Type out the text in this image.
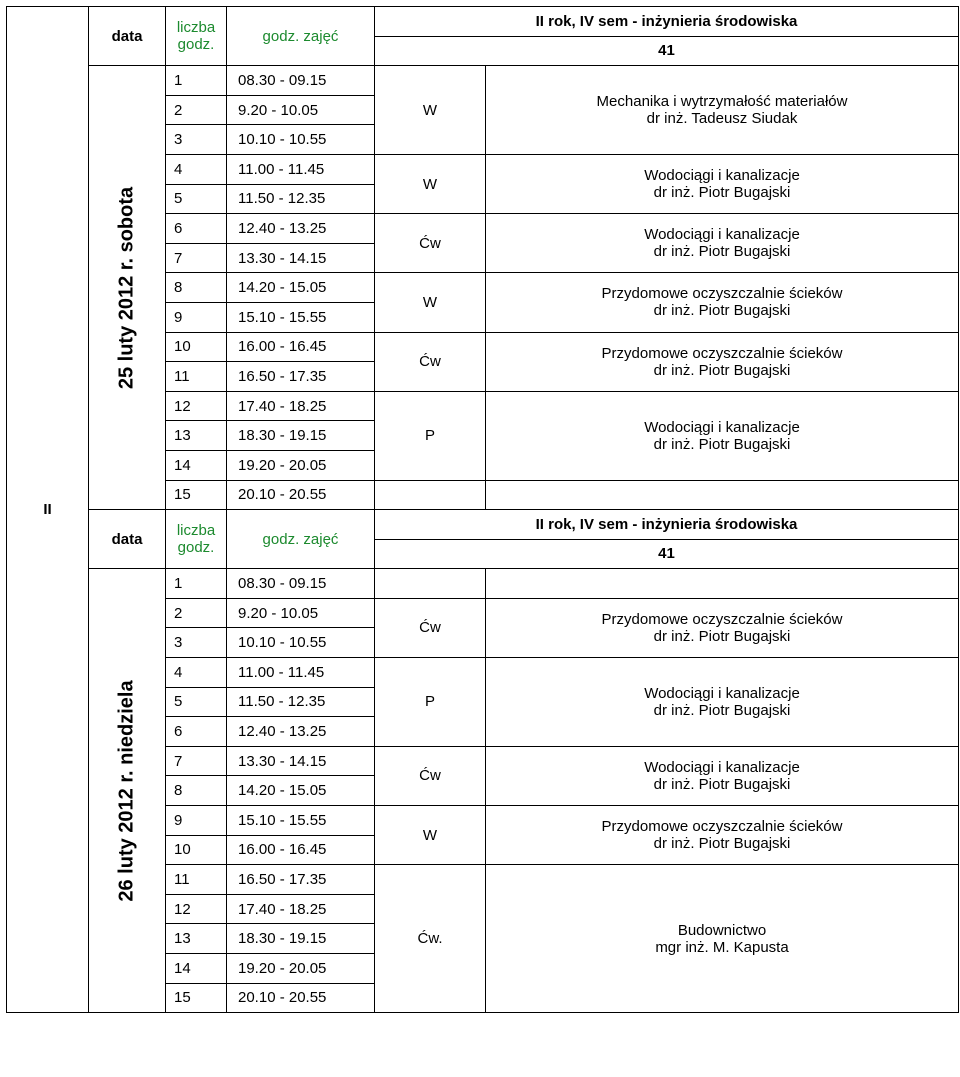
II	data	liczba
godz.	godz. zajęć	II rok, IV sem - inżynieria środowiska	
				41	

	25 luty 2012 r. sobota	1	08.30 - 09.15	W	Mechanika i wytrzymałość materiałów
dr inż. Tadeusz Siudak

		2	9.20 - 10.05		
		3	10.10 - 10.55		
		4	11.00 - 11.45	W	Wodociągi i kanalizacje
dr inż. Piotr Bugajski

		5	11.50 - 12.35		
		6	12.40 - 13.25	Ćw	Wodociągi i kanalizacje
dr inż. Piotr Bugajski

		7	13.30 - 14.15		
		8	14.20 - 15.05	W	Przydomowe oczyszczalnie ścieków
dr inż. Piotr Bugajski

		9	15.10 - 15.55		
		10	16.00 - 16.45	Ćw	Przydomowe oczyszczalnie ścieków
dr inż. Piotr Bugajski

		11	16.50 - 17.35		
		12	17.40 - 18.25	P	Wodociągi i kanalizacje
dr inż. Piotr Bugajski

		13	18.30 - 19.15		
		14	19.20 - 20.05		
		15	20.10 - 20.55		
	data	liczba
godz.	godz. zajęć	II rok, IV sem - inżynieria środowiska	
				41	

	26 luty 2012 r. niedziela	1	08.30 - 09.15		
		2	9.20 - 10.05	Ćw	Przydomowe oczyszczalnie ścieków
dr inż. Piotr Bugajski

		3	10.10 - 10.55		
		4	11.00 - 11.45	P	Wodociągi i kanalizacje
dr inż. Piotr Bugajski

		5	11.50 - 12.35		
		6	12.40 - 13.25		
		7	13.30 - 14.15	Ćw	Wodociągi i kanalizacje
dr inż. Piotr Bugajski

		8	14.20 - 15.05		
		9	15.10 - 15.55	W	Przydomowe oczyszczalnie ścieków
dr inż. Piotr Bugajski

		10	16.00 - 16.45		
		11	16.50 - 17.35	Ćw.	Budownictwo
mgr inż. M. Kapusta

		12	17.40 - 18.25		
		13	18.30 - 19.15		
		14	19.20 - 20.05		
		15	20.10 - 20.55		
